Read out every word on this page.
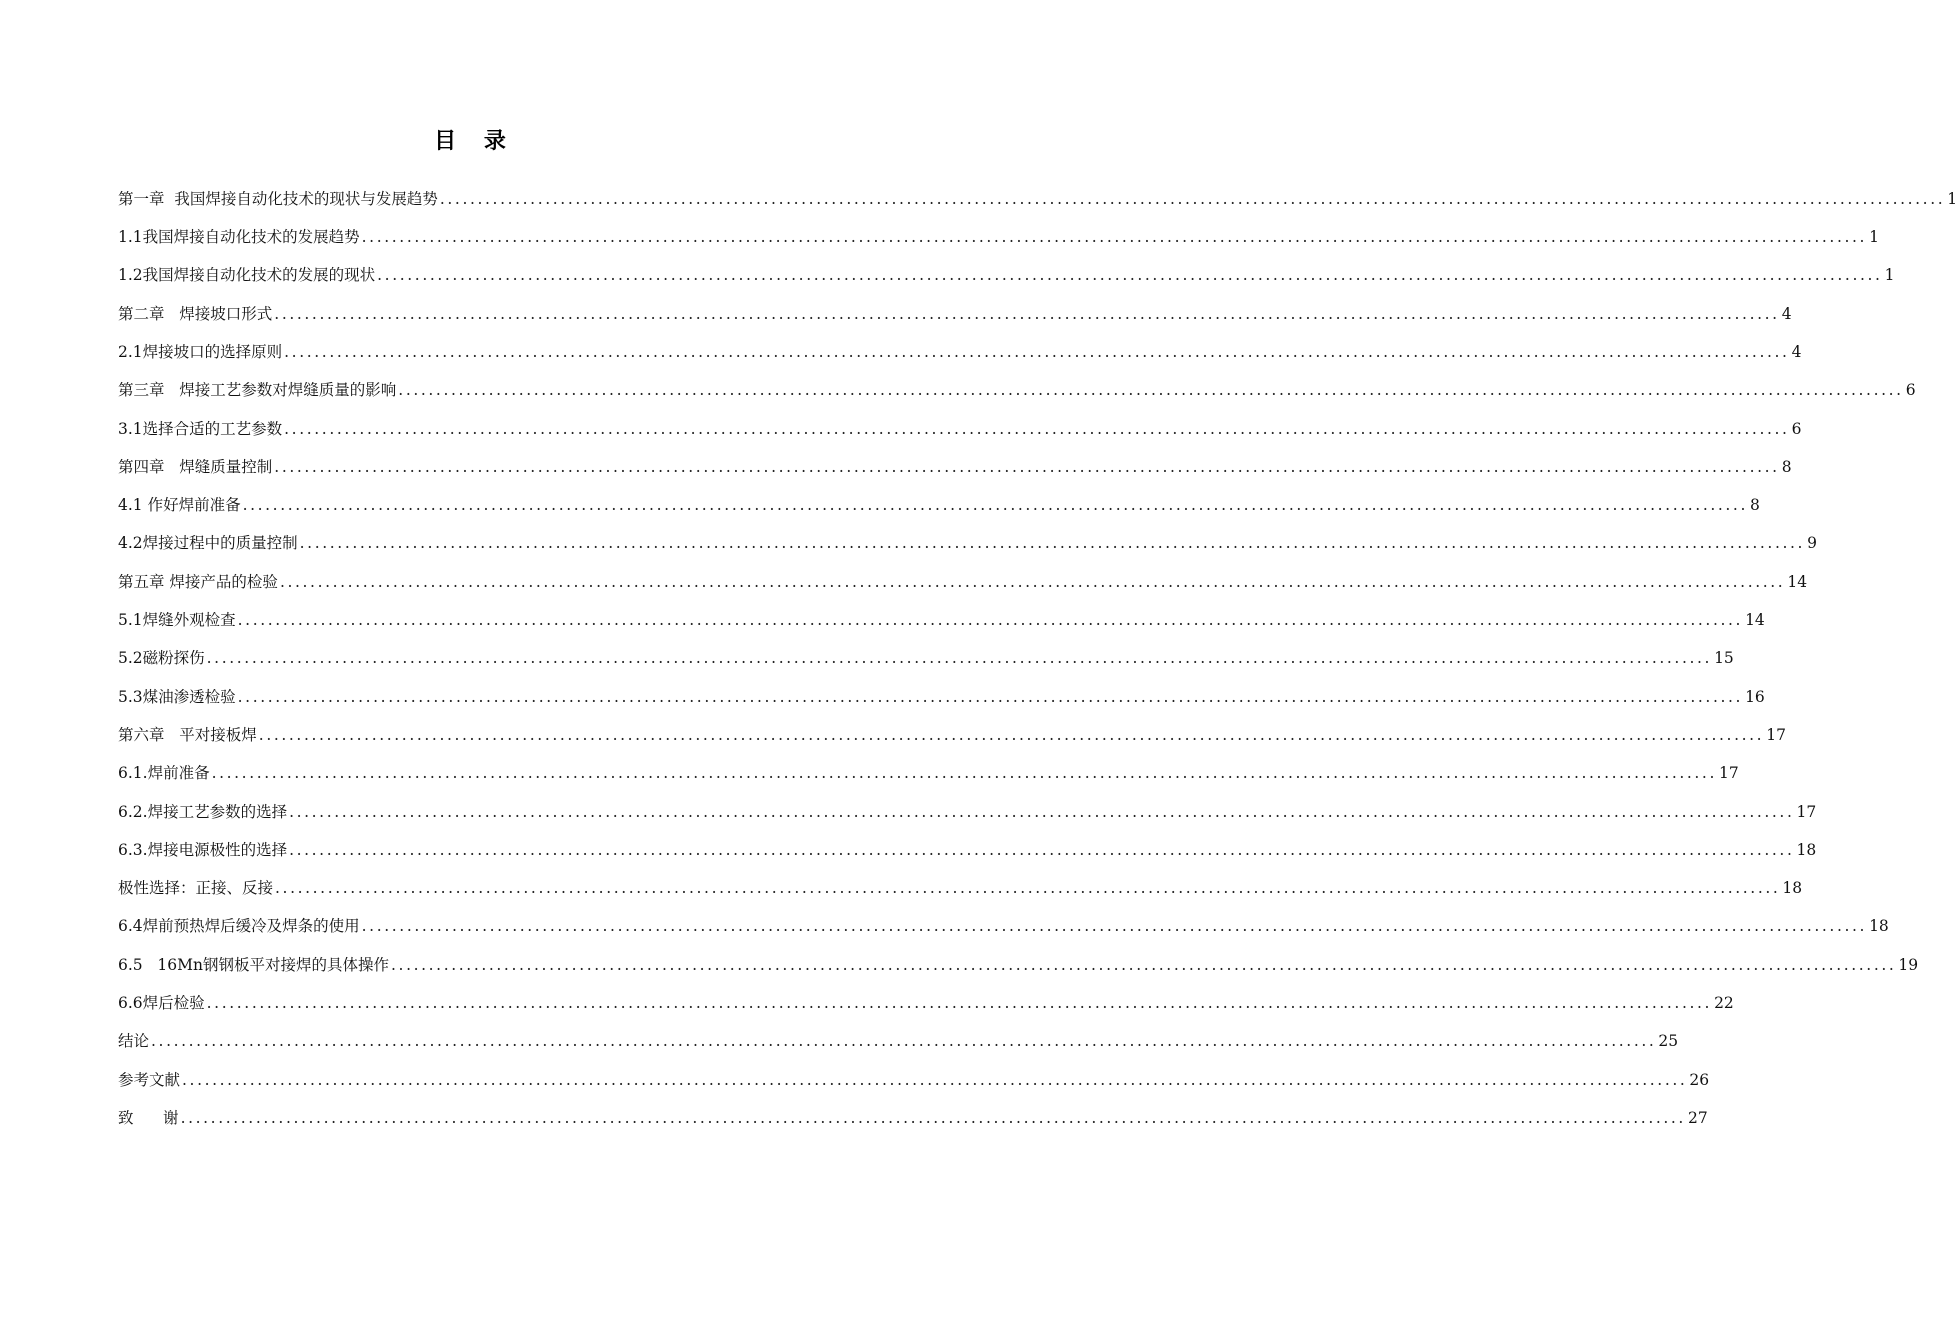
目 录
第一章  我国焊接自动化技术的现状与发展趋势 ........................................................................................................................................................................................................ 1
1.1我国焊接自动化技术的发展趋势 ........................................................................................................................................................................................................ 1
1.2我国焊接自动化技术的发展的现状 ........................................................................................................................................................................................................ 1
第二章   焊接坡口形式 ........................................................................................................................................................................................................ 4
2.1焊接坡口的选择原则 ........................................................................................................................................................................................................ 4
第三章   焊接工艺参数对焊缝质量的影响 ........................................................................................................................................................................................................ 6
3.1选择合适的工艺参数 ........................................................................................................................................................................................................ 6
第四章   焊缝质量控制 ........................................................................................................................................................................................................ 8
4.1 作好焊前准备 ........................................................................................................................................................................................................ 8
4.2焊接过程中的质量控制 ........................................................................................................................................................................................................ 9
第五章 焊接产品的检验 ........................................................................................................................................................................................................ 14
5.1焊缝外观检查 ........................................................................................................................................................................................................ 14
5.2磁粉探伤 ........................................................................................................................................................................................................ 15
5.3煤油渗透检验 ........................................................................................................................................................................................................ 16
第六章   平对接板焊 ........................................................................................................................................................................................................ 17
6.1.焊前准备 ........................................................................................................................................................................................................ 17
6.2.焊接工艺参数的选择 ........................................................................................................................................................................................................ 17
6.3.焊接电源极性的选择 ........................................................................................................................................................................................................ 18
极性选择：正接、反接 ........................................................................................................................................................................................................ 18
6.4焊前预热焊后缓冷及焊条的使用 ........................................................................................................................................................................................................ 18
6.5   16Mn钢钢板平对接焊的具体操作 ........................................................................................................................................................................................................ 19
6.6焊后检验 ........................................................................................................................................................................................................ 22
结论 ........................................................................................................................................................................................................ 25
参考文献 ........................................................................................................................................................................................................ 26
致      谢 ........................................................................................................................................................................................................ 27
